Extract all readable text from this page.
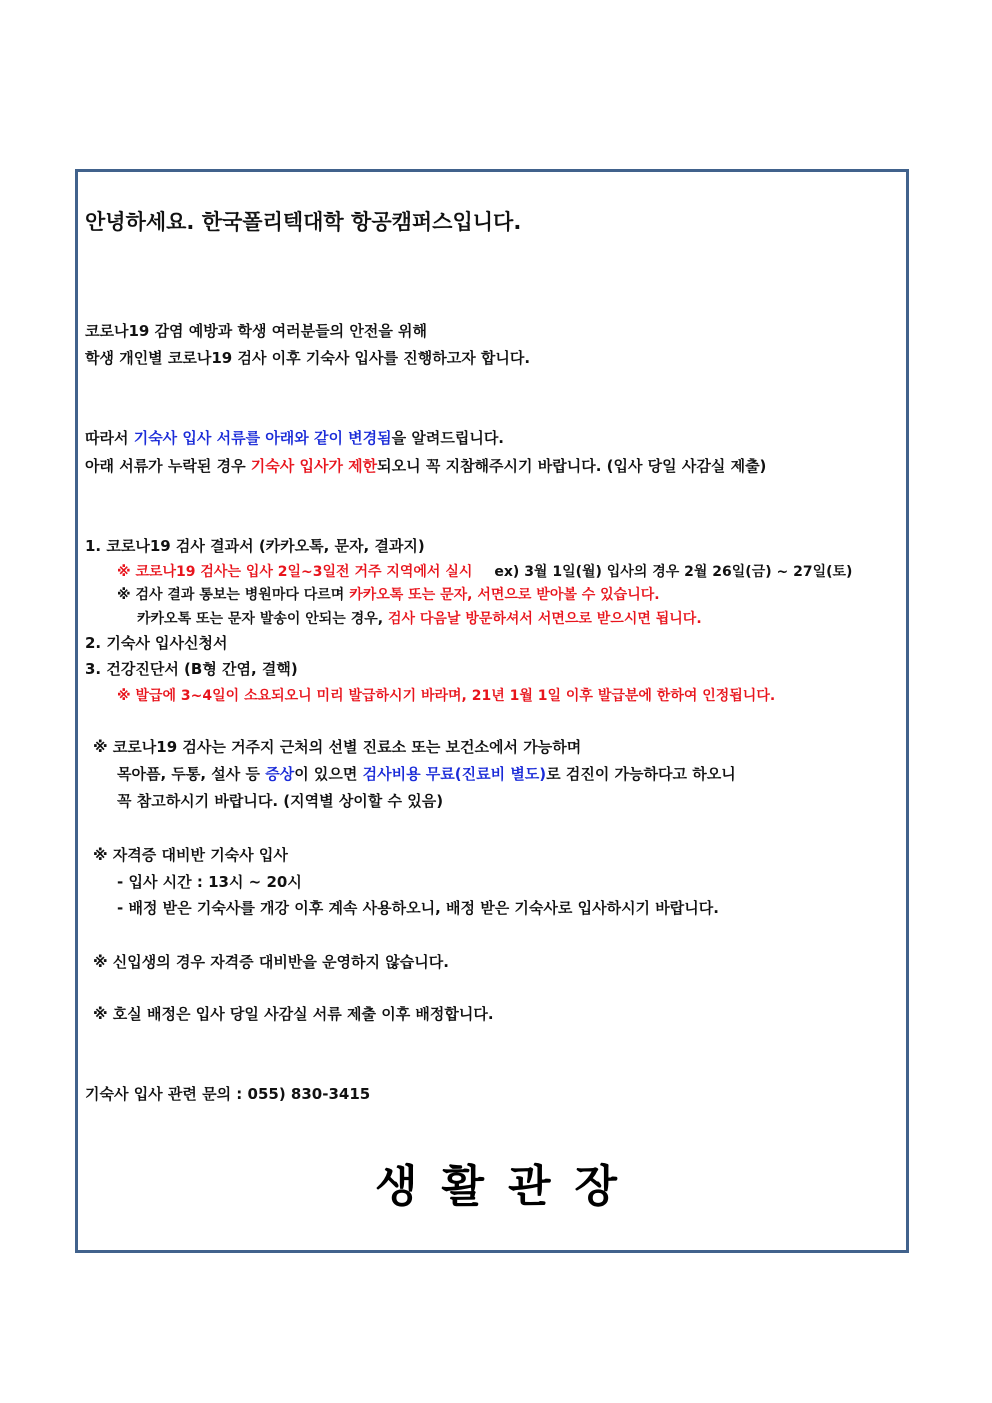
안녕하세요. 한국폴리텍대학 항공캠퍼스입니다.
코로나19 감염 예방과 학생 여러분들의 안전을 위해
학생 개인별 코로나19 검사 이후 기숙사 입사를 진행하고자 합니다.
따라서 기숙사 입사 서류를 아래와 같이 변경됨을 알려드립니다.
아래 서류가 누락된 경우 기숙사 입사가 제한되오니 꼭 지참해주시기 바랍니다. (입사 당일 사감실 제출)
1. 코로나19 검사 결과서 (카카오톡, 문자, 결과지)
※ 코로나19 검사는 입사 2일~3일전 거주 지역에서 실시 ex) 3월 1일(월) 입사의 경우 2월 26일(금) ~ 27일(토)
※ 검사 결과 통보는 병원마다 다르며 카카오톡 또는 문자, 서면으로 받아볼 수 있습니다.
카카오톡 또는 문자 발송이 안되는 경우, 검사 다음날 방문하셔서 서면으로 받으시면 됩니다.
2. 기숙사 입사신청서
3. 건강진단서 (B형 간염, 결핵)
※ 발급에 3~4일이 소요되오니 미리 발급하시기 바라며, 21년 1월 1일 이후 발급분에 한하여 인정됩니다.
※ 코로나19 검사는 거주지 근처의 선별 진료소 또는 보건소에서 가능하며
목아픔, 두통, 설사 등 증상이 있으면 검사비용 무료(진료비 별도)로 검진이 가능하다고 하오니
꼭 참고하시기 바랍니다. (지역별 상이할 수 있음)
※ 자격증 대비반 기숙사 입사
- 입사 시간 : 13시 ~ 20시
- 배정 받은 기숙사를 개강 이후 계속 사용하오니, 배정 받은 기숙사로 입사하시기 바랍니다.
※ 신입생의 경우 자격증 대비반을 운영하지 않습니다.
※ 호실 배정은 입사 당일 사감실 서류 제출 이후 배정합니다.
기숙사 입사 관련 문의 : 055) 830-3415
생활관장
